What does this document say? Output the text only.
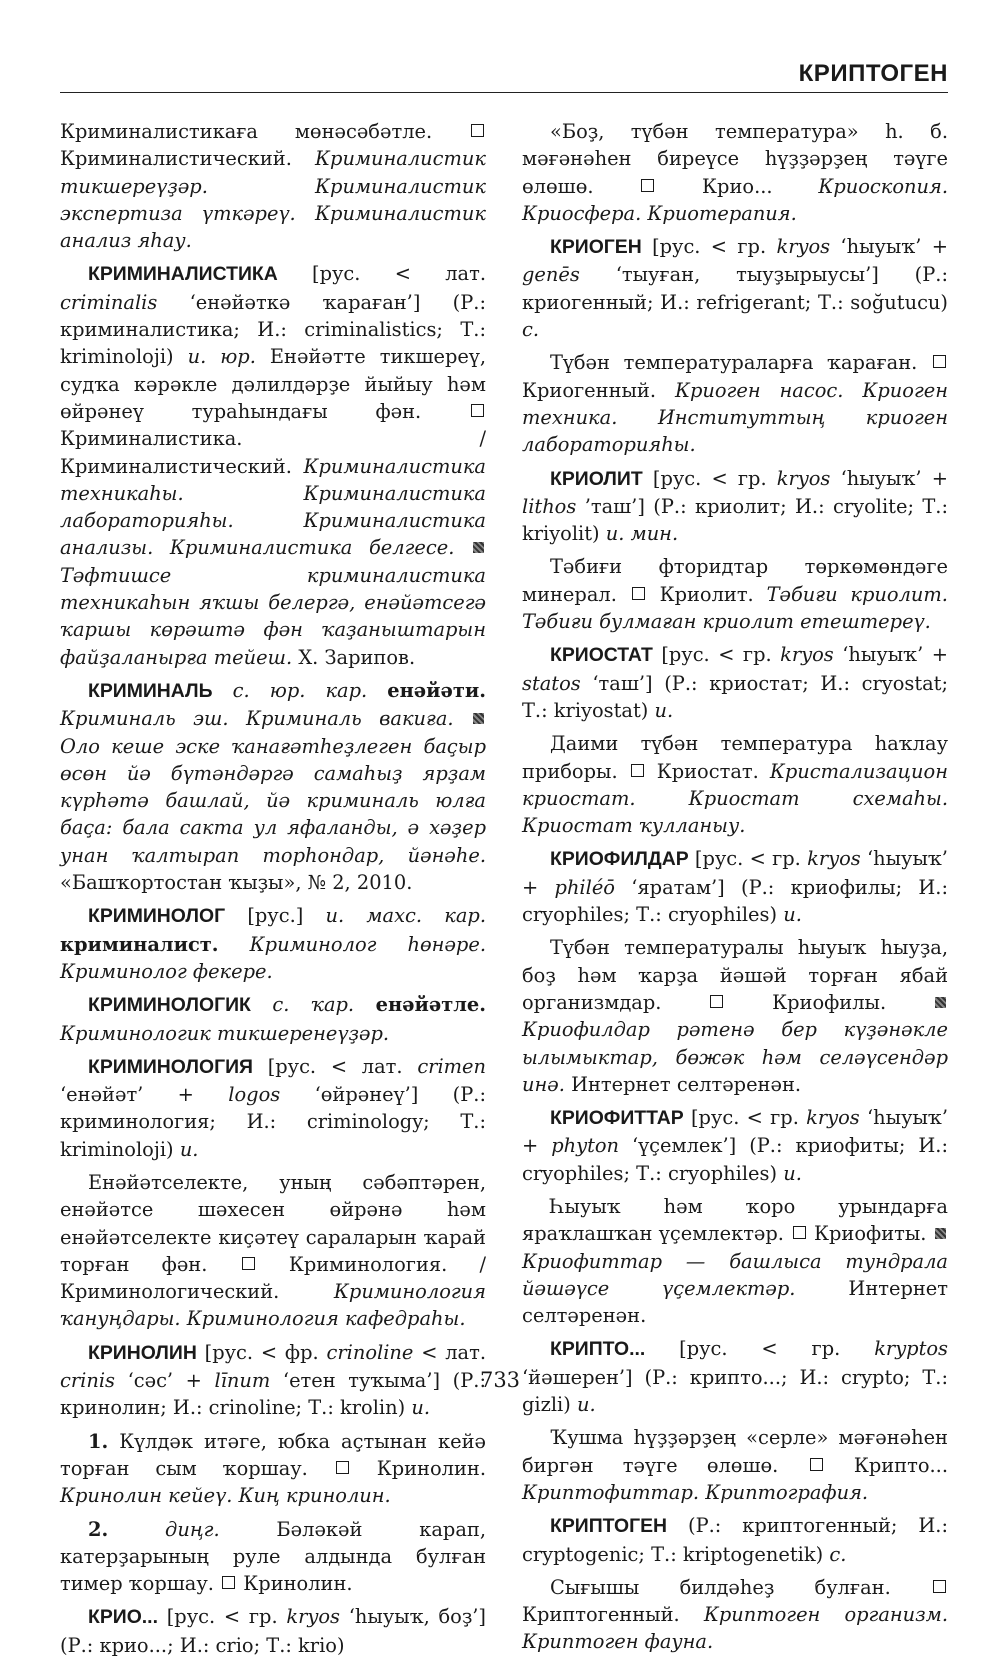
КРИПТОГЕН

Криминалистикаға мөнәсәбәтле.  Криминалистический. Криминалистик тикшереүҙәр. Криминалистик экспертиза үткәреү. Криминалистик анализ яһау.

КРИМИНАЛИСТИКА [рус. < лат. criminalis ‘енәйәткә ҡараған’] (Р.: криминалистика; И.: criminalistics; Т.: kriminoloji) и. юр. Енәйәтте тикшереү, судҡа кәрәкле дәлилдәрҙе йыйыу һәм өйрәнеү тураһындағы фән.  Криминалистика. / Криминалистический. Криминалистика техникаһы. Криминалистика лабораторияһы. Криминалистика анализы. Криминалистика белгесе.  Тәфтишсе криминалистика техникаһын яҡшы белергә, енәйәтсегә ҡаршы көрәштә фән ҡаҙаныштарын файҙаланырға тейеш. Х. Зарипов.

КРИМИНАЛЬ с. юр. кар. енәйәти. Криминаль эш. Криминаль вакиға.  Оло кеше эске ҡанағәтһеҙлеген баҫыр өсөн йә бүтәндәргә самаһыҙ ярҙам күрһәтә башлай, йә криминаль юлға баҫа: бала сакта ул яфаланды, ә хәҙер унан ҡалтырап торһондар, йәнәһе. «Башҡортостан ҡыҙы», № 2, 2010.

КРИМИНОЛОГ [рус.] и. махс. кар. криминалист. Криминолог һөнәре. Криминолог фекере.

КРИМИНОЛОГИК с. ҡар. енәйәтле. Криминологик тикшеренеүҙәр.

КРИМИНОЛОГИЯ [рус. < лат. crimen ‘енәйәт’ + logos ‘өйрәнеү’] (Р.: криминология; И.: criminology; Т.: kriminoloji) и.

Енәйәтселекте, уның сәбәптәрен, енәйәтсе шәхесен өйрәнә һәм енәйәтселекте киҫәтеү сараларын ҡарай торған фән.	Криминология. / Криминологический.	Криминология ҡануңдары. Криминология кафедраһы.

КРИНОЛИН [рус. < фр. crinoline < лат. crinis ‘сәс’ + līnum ‘етен туҡыма’] (Р.: кринолин; И.: crinoline; Т.: krolin) и.

1. Күлдәк итәге, юбка аҫтынан кейә торған сым ҡоршау.	Кринолин. Кринолин кейеү. Киң кринолин.

2.	диңг.	Бәләкәй карап, катерҙарының руле алдында булған тимер ҡоршау. Кринолин.

КРИО... [рус. < гр. kryos ‘һыуыҡ, боҙ’] (Р.: крио...; И.: crio; Т.: krio)

«Боҙ, түбән температура» һ. б. мәғәнәһен биреүсе һүҙҙәрҙең тәүге өлөшө.	Крио... Криоскопия. Криосфера. Криотерапия.

КРИОГЕН [рус. < гр. kryos ‘һыуыҡ’ + genēs ‘тыуған, тыуҙырыусы’] (Р.: криогенный; И.: refrigerant; Т.: soğutucu) с.

Түбән температураларға ҡараған.  Криогенный. Криоген насос. Криоген техника. Институттың криоген лабораторияһы.

КРИОЛИТ [рус. < гр. kryos ‘һыуыҡ’ + lithos ’таш’] (Р.: криолит; И.: cryolite; Т.: kriyolit) и. мин.

Тәбиғи фторидтар төркөмөндәге минерал. Криолит. Тәбиғи криолит. Тәбиғи булмаған криолит етештереү.

КРИОСТАТ [рус. < гр. kryos ‘һыуыҡ’ + statos ‘таш’] (Р.: криостат; И.: cryostat; Т.: kriyostat) и.

Даими түбән температура һаҡлау приборы. Криостат. Кристализацион криостат. Криостат схемаһы. Криостат ҡулланыу.

КРИОФИЛДАР [рус. < гр. kryos ‘һыуыҡ’ + philéō ‘яратам’] (Р.: криофилы; И.: cryophiles; Т.: cryophiles) и.

Түбән температуралы һыуыҡ һыуҙа, боҙ һәм ҡарҙа йәшәй торған ябай организмдар.	Криофилы.  Криофилдар рәтенә бер күҙәнәкле ылымыктар, бөжәк һәм селәүсендәр инә. Интернет селтәренән.

КРИОФИТТАР [рус. < гр. kryos ‘һыуыҡ’ + phyton ‘үҫемлек’] (Р.: криофиты; И.: cryophiles; Т.: cryophiles) и.

Һыуыҡ һәм ҡоро урындарға яраҡлашҡан үҫемлектәр. Криофиты.  Криофиттар — башлыса тундрала йәшәүсе үҫемлектәр.	Интернет селтәренән.

КРИПТО... [рус. < гр. kryptos ‘йәшерен’] (Р.: крипто...; И.: crypto; Т.: gizli) и.

Ҡушма һүҙҙәрҙең «серле» мәғәнәһен биргән тәүге өлөшө.	Крипто... Криптофиттар. Криптография.

КРИПТОГЕН (Р.: криптогенный; И.: cryptogenic; Т.: kriptogenetik) с.

Сығышы билдәһеҙ булған.  Криптогенный. Криптоген организм. Криптоген фауна.

733
